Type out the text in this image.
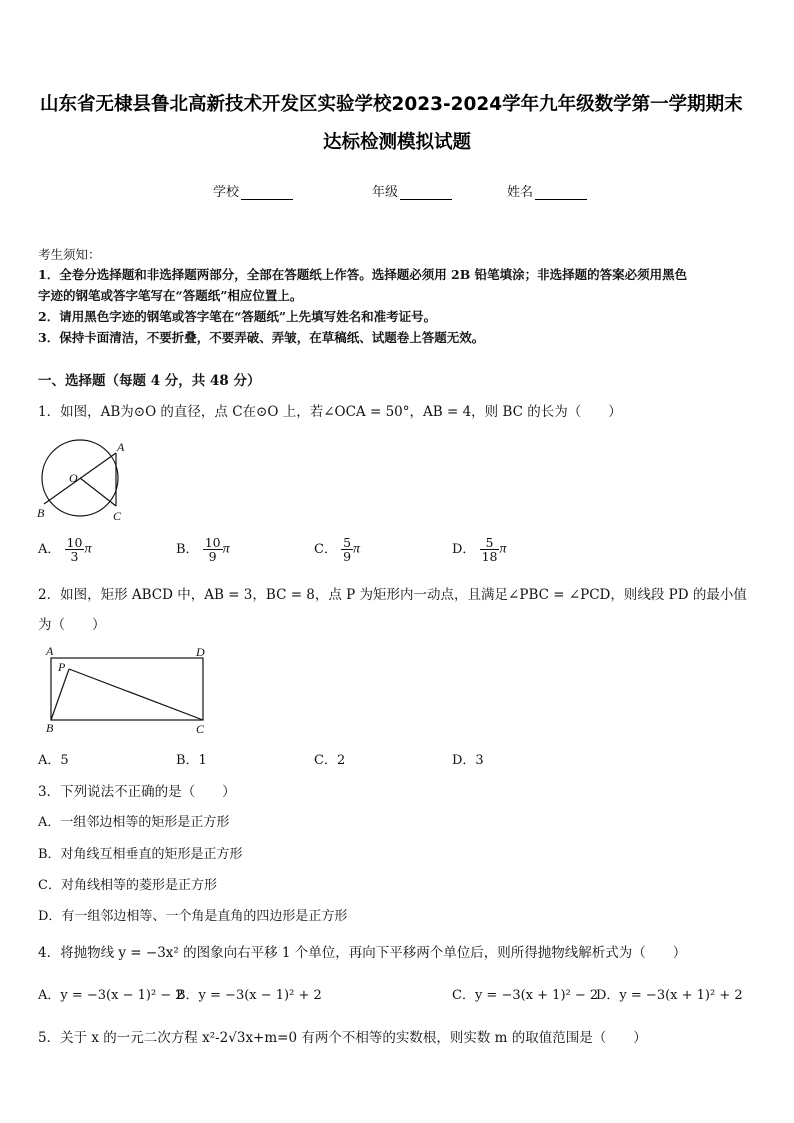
山东省无棣县鲁北高新技术开发区实验学校2023-2024学年九年级数学第一学期期末
达标检测模拟试题
学校	年级	姓名
考生须知：
1．全卷分选择题和非选择题两部分，全部在答题纸上作答。选择题必须用 2B 铅笔填涂；非选择题的答案必须用黑色
字迹的钢笔或答字笔写在“答题纸”相应位置上。
2．请用黑色字迹的钢笔或答字笔在“答题纸”上先填写姓名和准考证号。
3．保持卡面清洁，不要折叠，不要弄破、弄皱，在草稿纸、试题卷上答题无效。
一、选择题（每题 4 分，共 48 分）
1．如图，AB为⊙O 的直径，点 C在⊙O 上，若∠OCA = 50°，AB = 4，则 BC 的长为（　　）
A
O
B	C
A． $\frac{10}{3}$ π	B． $\frac{10}{9}$ π	C． $\frac{5}{9}$ π	D． $\frac{5}{18}$ π
2．如图，矩形 ABCD 中，AB = 3，BC = 8，点 P 为矩形内一动点，且满足∠PBC = ∠PCD，则线段 PD 的最小值
为（　　）
A	D
P
B	C
A．5	B．1	C．2	D．3
3．下列说法不正确的是（　　）
A．一组邻边相等的矩形是正方形
B．对角线互相垂直的矩形是正方形
C．对角线相等的菱形是正方形
D．有一组邻边相等、一个角是直角的四边形是正方形
4．将抛物线 y = −3x² 的图象向右平移 1 个单位，再向下平移两个单位后，则所得抛物线解析式为（　　）
A．y = −3(x − 1)² − 2
B．y = −3(x − 1)² + 2	C．y = −3(x + 1)² − 2
D．y = −3(x + 1)² + 2
5．关于 x 的一元二次方程 x²-2√3x+m=0 有两个不相等的实数根，则实数 m 的取值范围是（　　）
